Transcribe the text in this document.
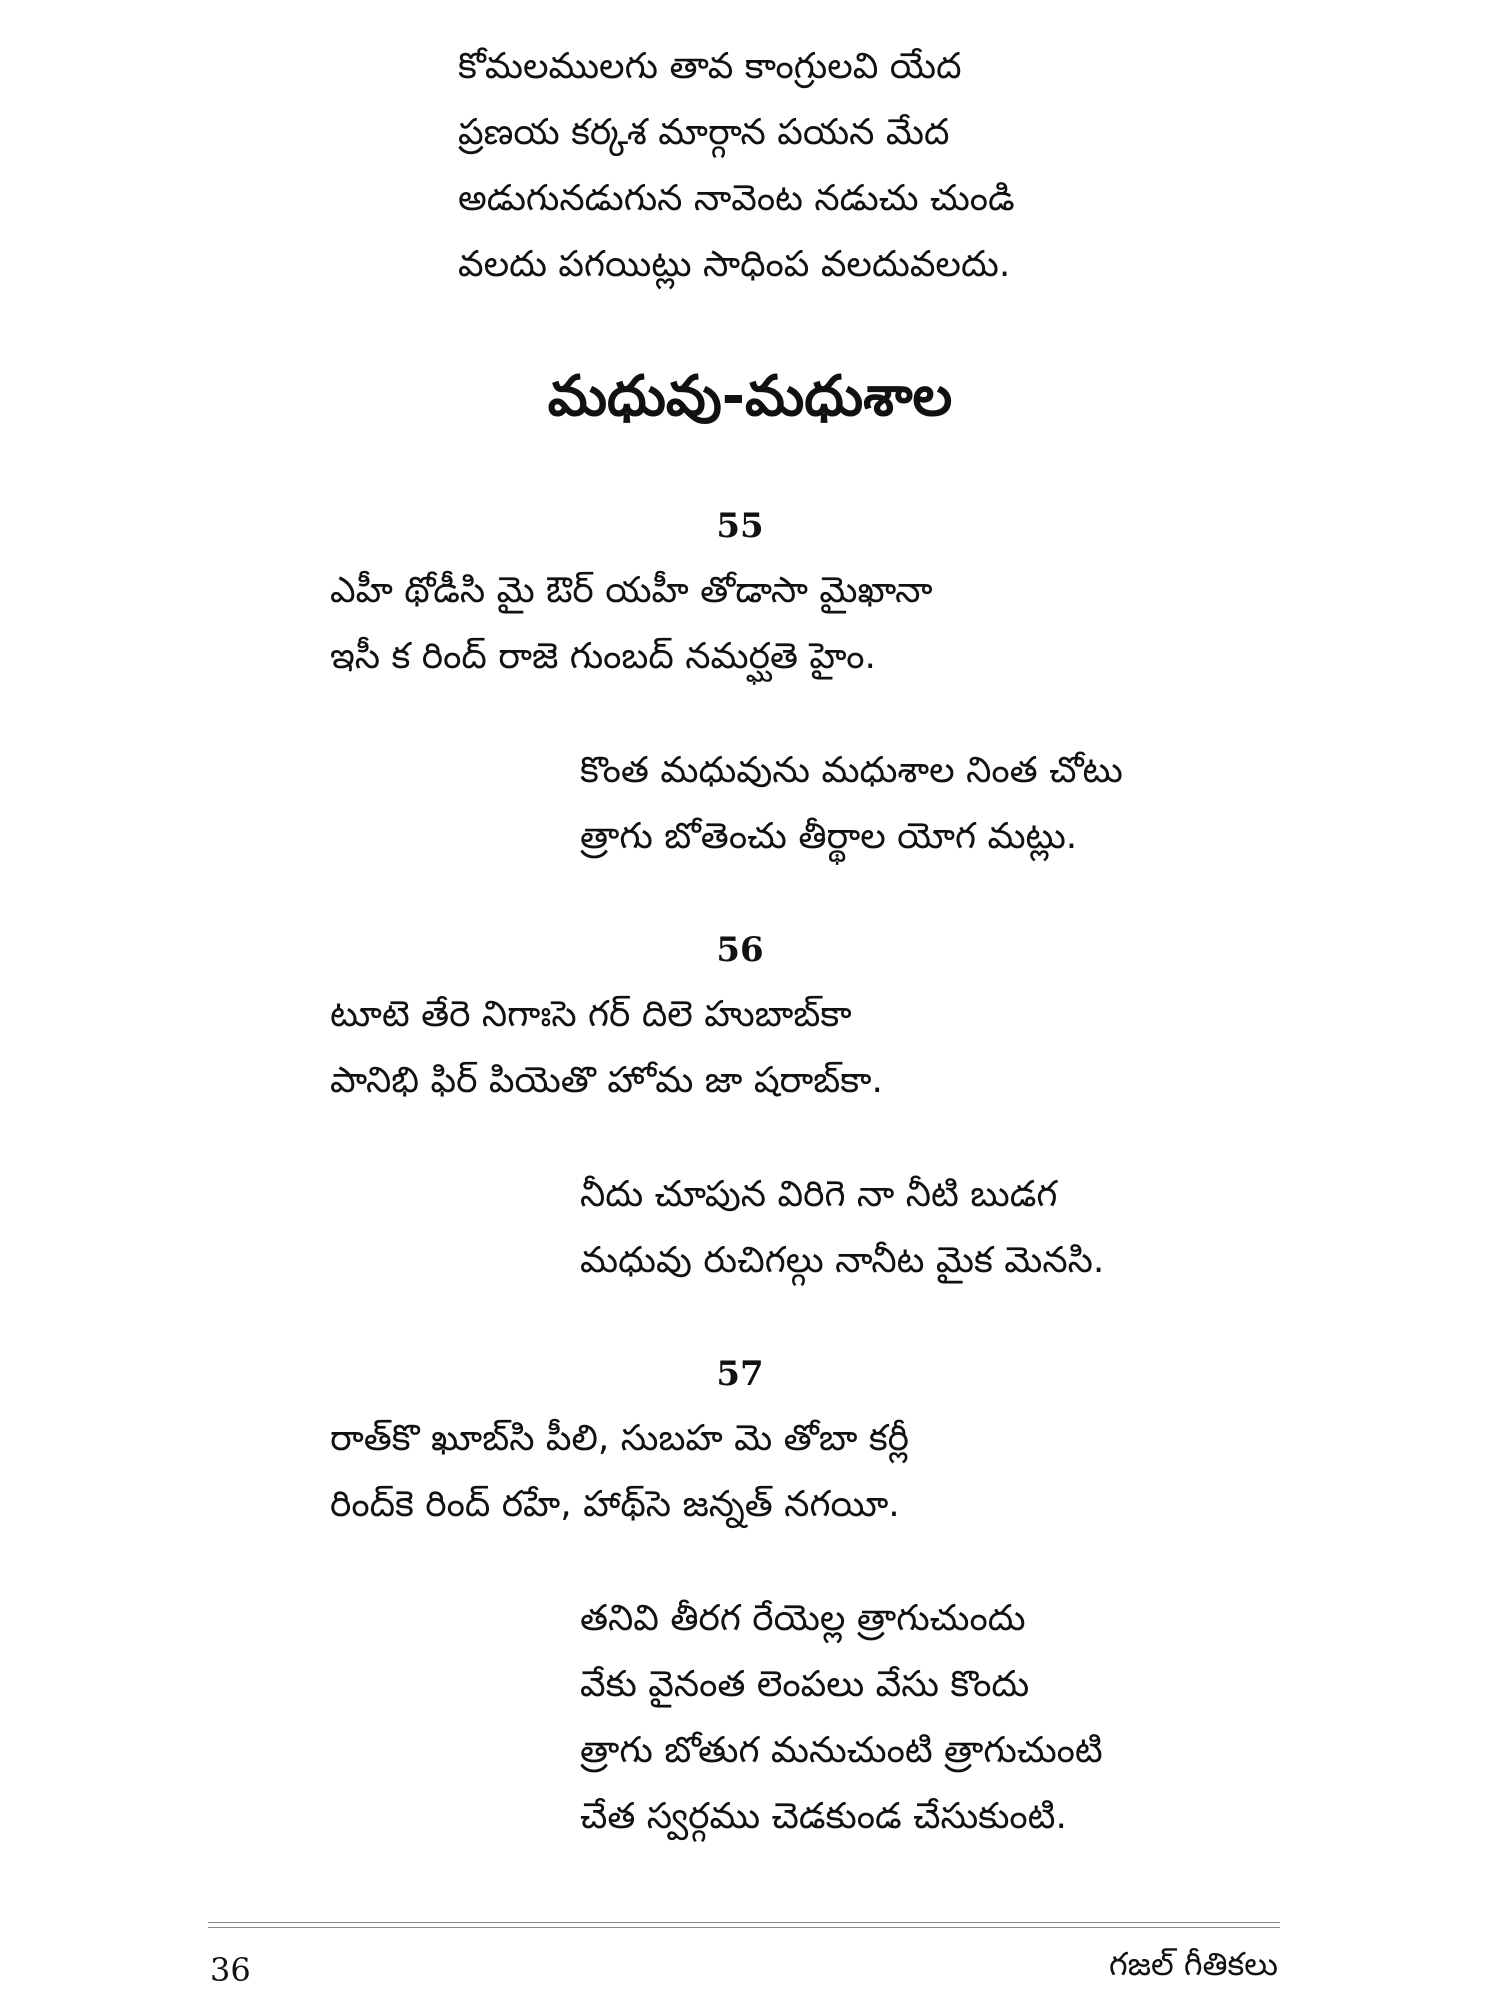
కోమలములగు తావ కాంగ్రులవి యేద
ప్రణయ కర్కశ మార్గాన పయన మేద
అడుగునడుగున నావెంట నడుచు చుండి
వలదు పగయిట్లు సాధింప వలదువలదు.
మధువు-మధుశాల
55
ఎహీ థోడీసి మై ఔర్ యహీ తోడాసా మైఖానా
ఇసీ క రింద్ రాజె గుంబద్ నమర్ఘతె హైం.
కొంత మధువును మధుశాల నింత చోటు
త్రాగు బోతెంచు తీర్థాల యోగ మట్లు.
56
టూటె తేరె నిగాఃసె గర్ దిలె హుబాబ్‌కా
పానిభి ఫిర్ పియెతొ హోమ జా షరాబ్‌కా.
నీదు చూపున విరిగె నా నీటి బుడగ
మధువు రుచిగల్గు నానీట మైక మెనసి.
57
రాత్‌కొ ఖూబ్‌సి పీలి, సుబహ మె తోబా కర్లీ
రింద్‌కె రింద్ రహే, హాథ్‌సె జన్నత్ నగయీ.
తనివి తీరగ రేయెల్ల త్రాగుచుందు
వేకు వైనంత లెంపలు వేసు కొందు
త్రాగు బోతుగ మనుచుంటి త్రాగుచుంటి
చేత స్వర్గము చెడకుండ చేసుకుంటి.
36	గజల్ గీతికలు
